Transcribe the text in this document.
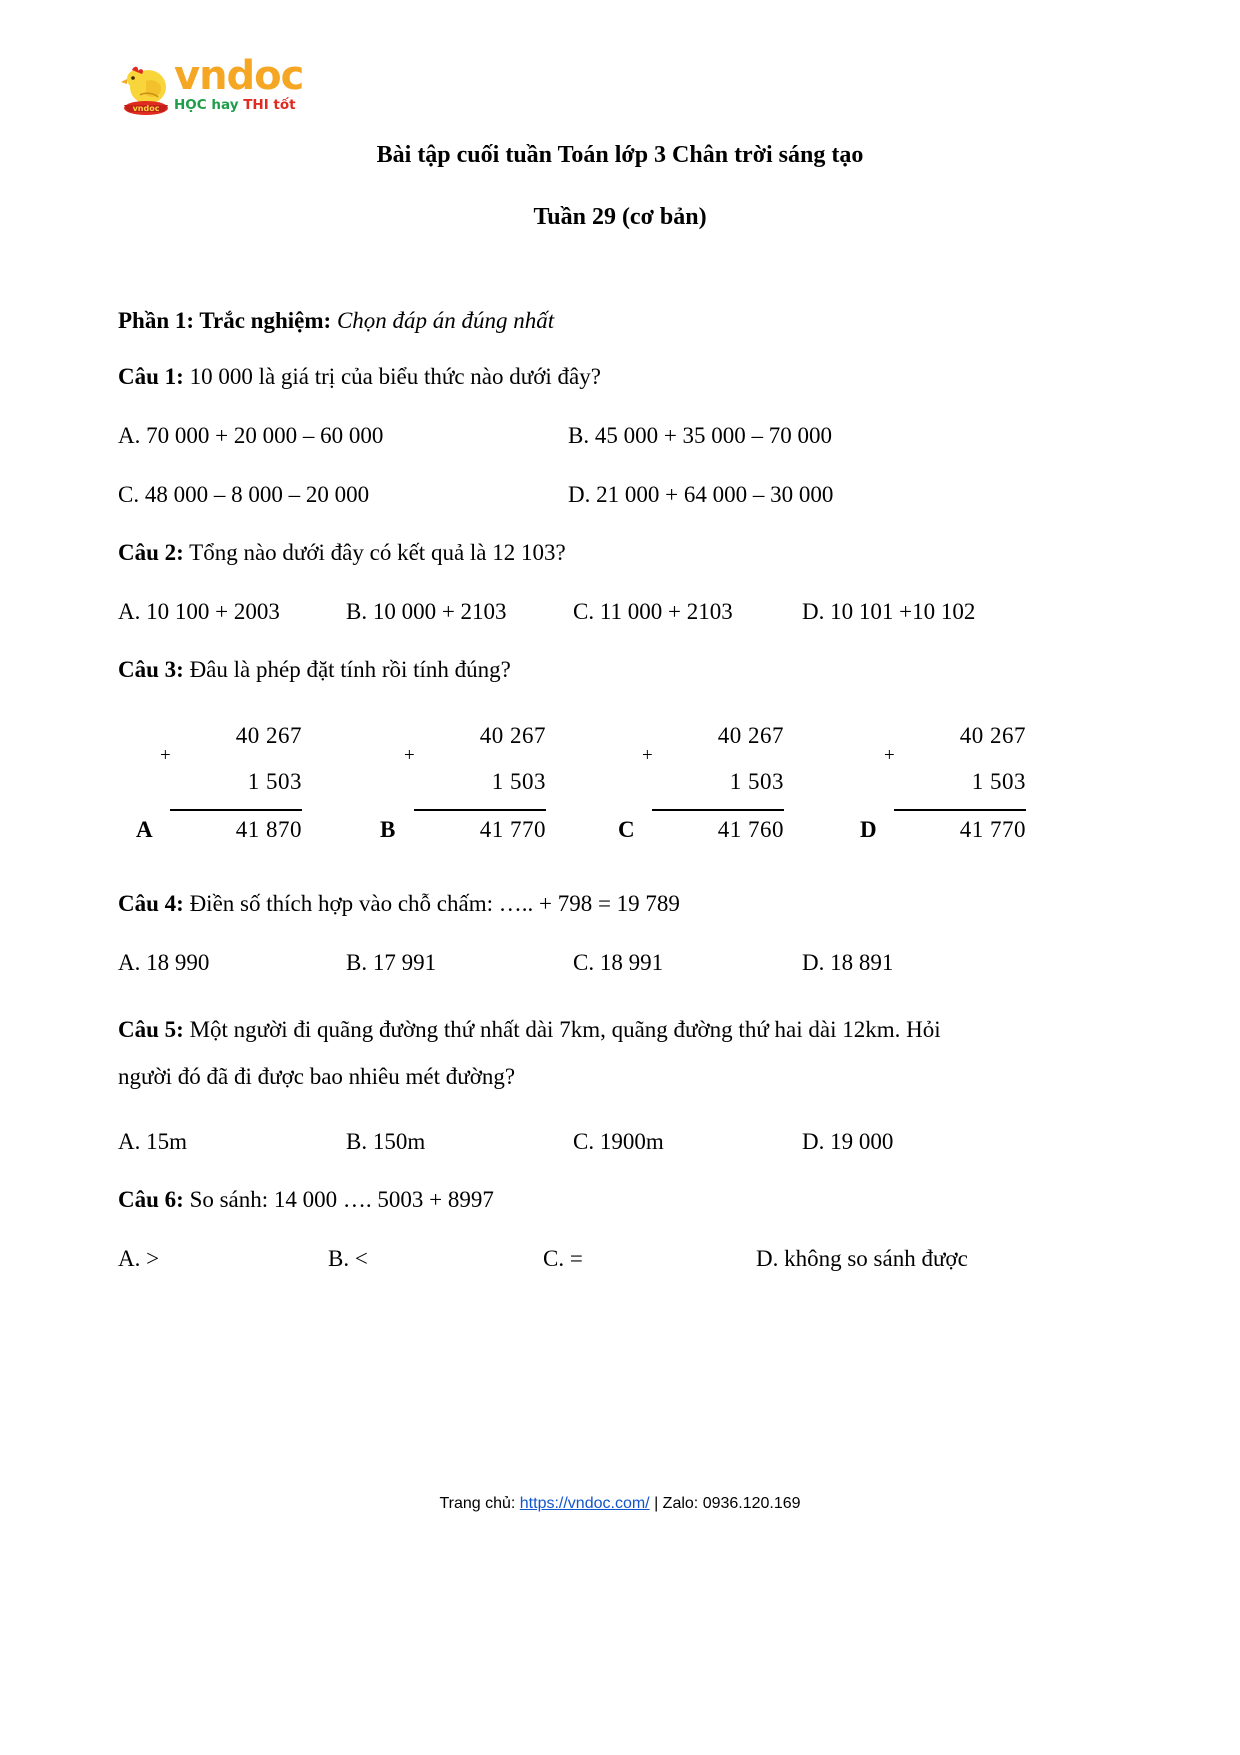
vndoc
vndoc
HỌC hay THI tốt
Bài tập cuối tuần Toán lớp 3 Chân trời sáng tạo
Tuần 29 (cơ bản)

Phần 1: Trắc nghiệm: Chọn đáp án đúng nhất

Câu 1: 10 000 là giá trị của biểu thức nào dưới đây?

A. 70 000 + 20 000 – 60 000	B. 45 000 + 35 000 – 70 000
C. 48 000 – 8 000 – 20 000	D. 21 000 + 64 000 – 30 000

Câu 2: Tổng nào dưới đây có kết quả là 12 103?

A. 10 100 + 2003	B. 10 000 + 2103	C. 11 000 + 2103	D. 10 101 +10 102

Câu 3: Đâu là phép đặt tính rồi tính đúng?

+
40 267
1 503
A	41 870
+
40 267
1 503
B	41 770
+
40 267
1 503
C	41 760
+
40 267
1 503
D	41 770

Câu 4: Điền số thích hợp vào chỗ chấm: ….. + 798 = 19 789

A. 18 990	B. 17 991	C. 18 991	D. 18 891

Câu 5: Một người đi quãng đường thứ nhất dài 7km, quãng đường thứ hai dài 12km. Hỏi người đó đã đi được bao nhiêu mét đường?

A. 15m	B. 150m	C. 1900m	D. 19 000

Câu 6: So sánh: 14 000 …. 5003 + 8997

A. >	B. <	C. =	D. không so sánh được
Trang chủ: https://vndoc.com/ | Zalo: 0936.120.169
